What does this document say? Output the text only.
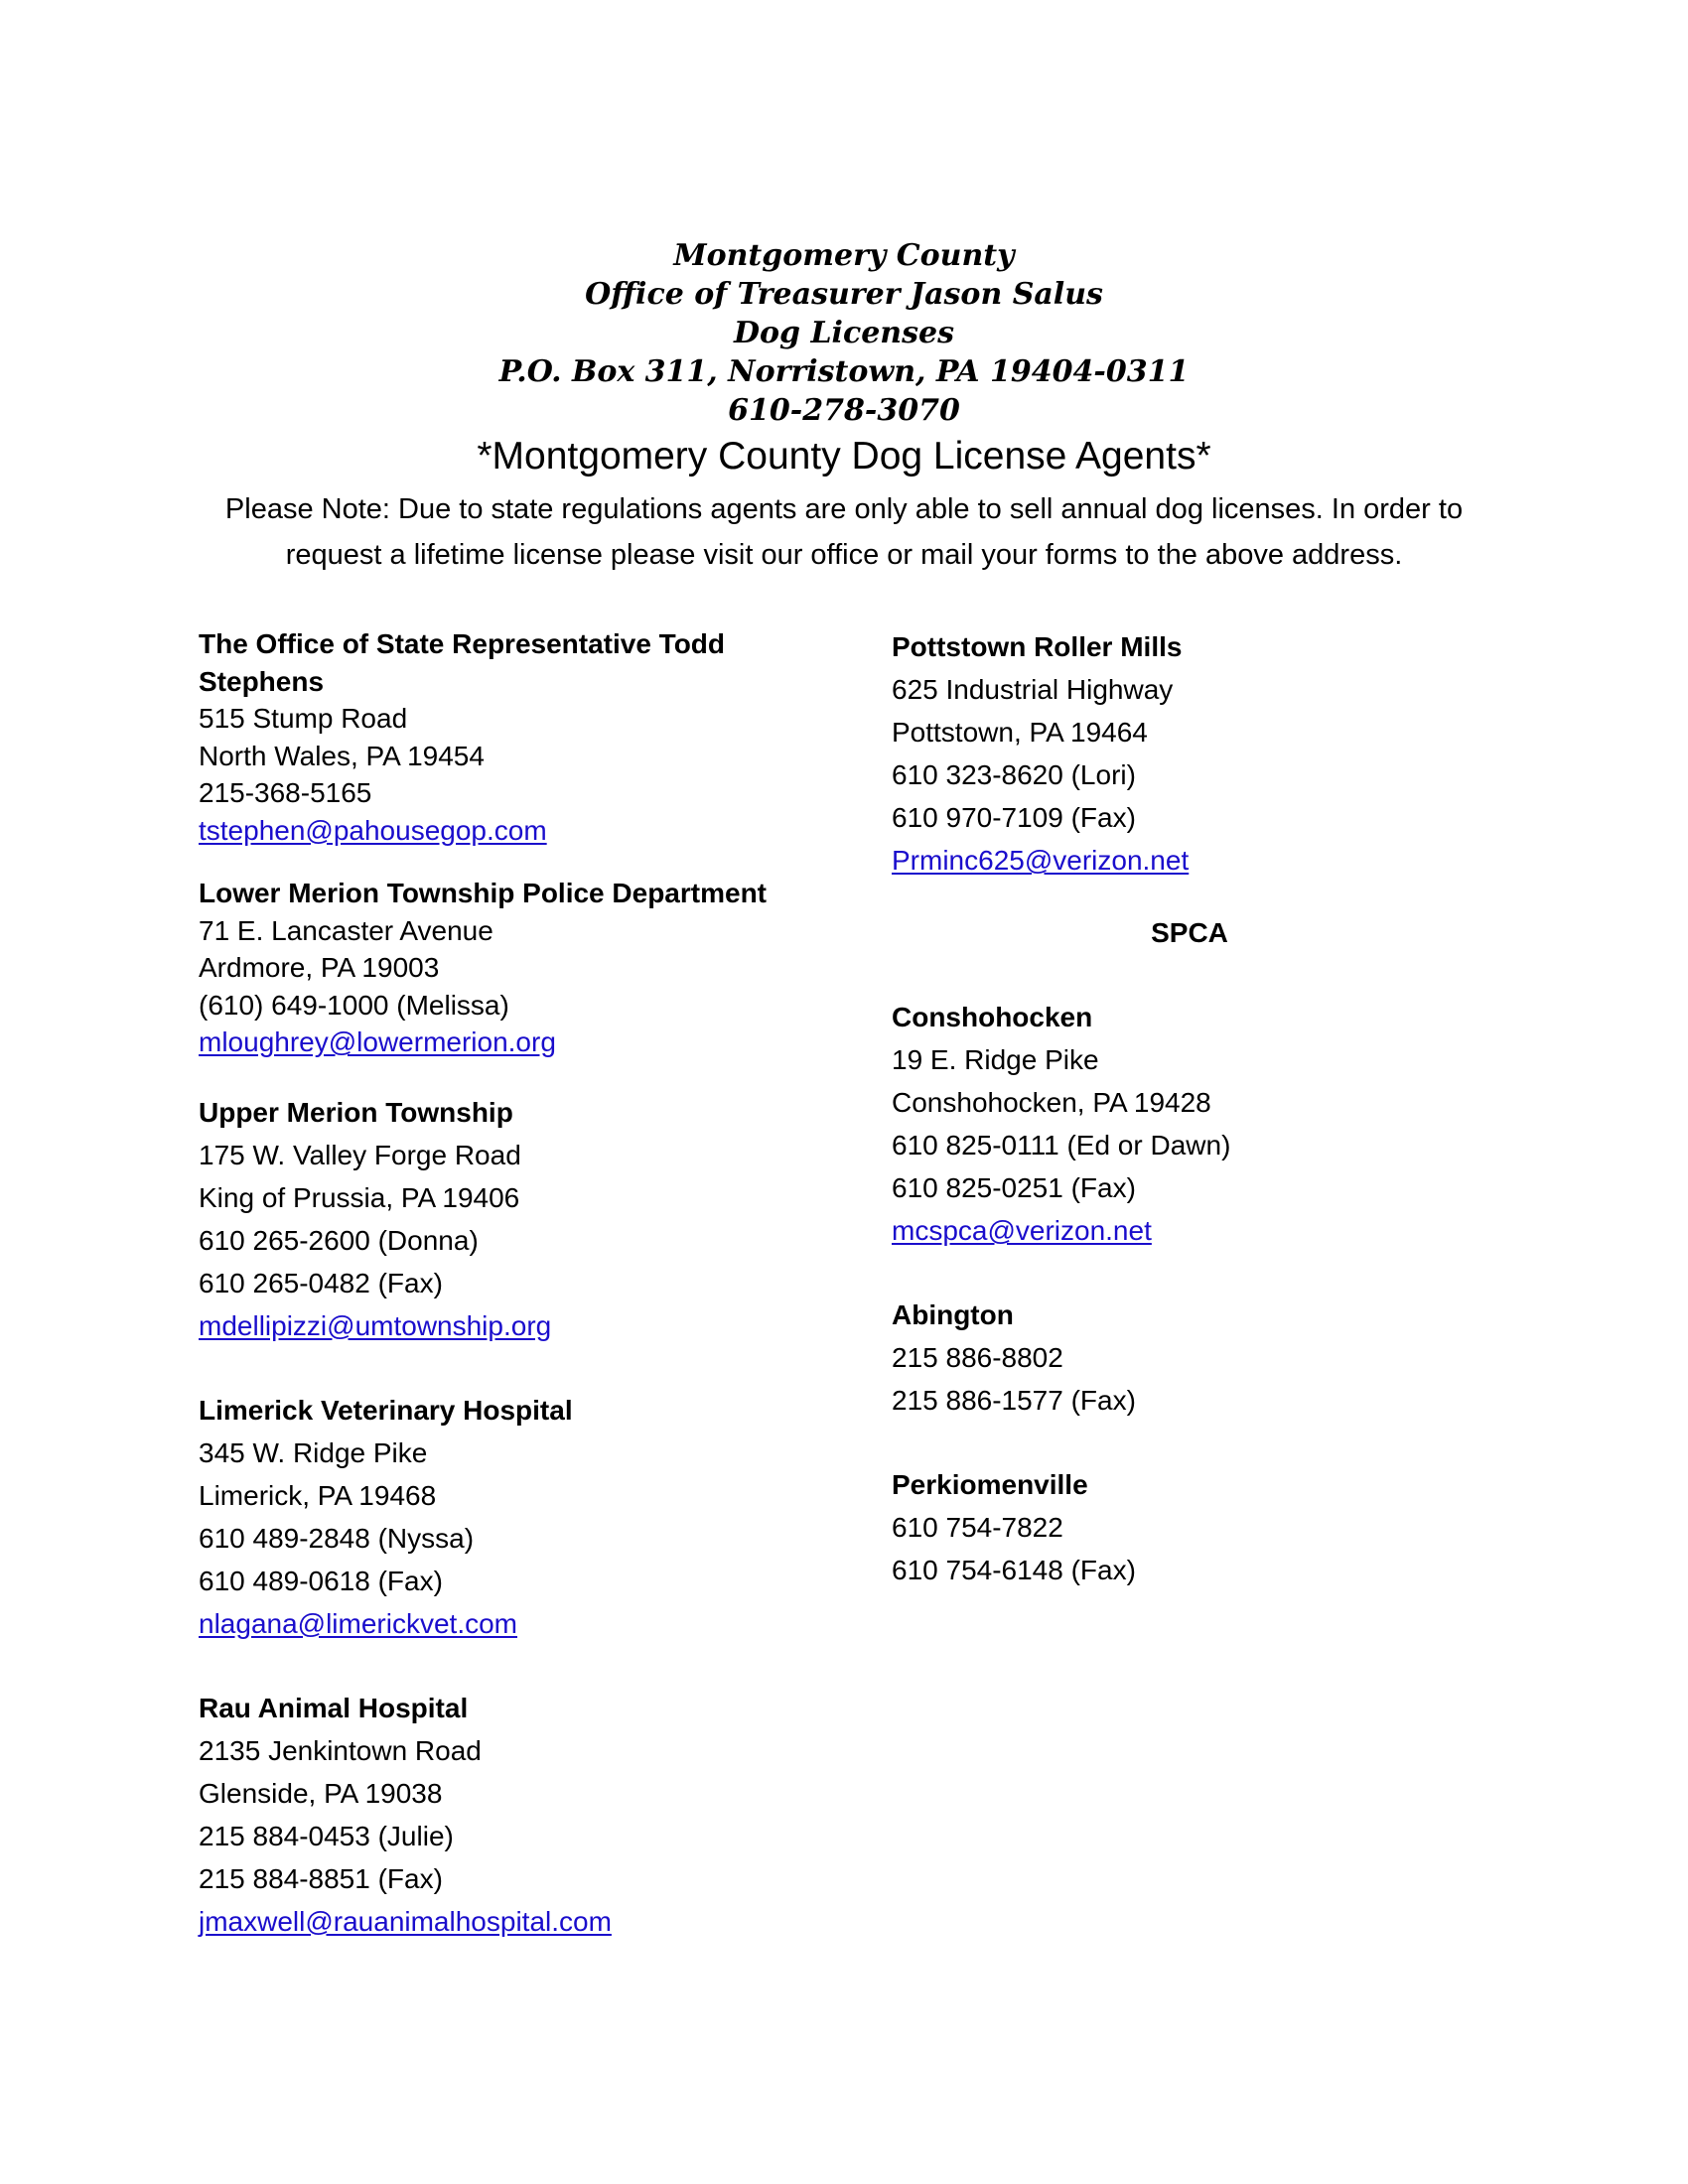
Montgomery County
Office of Treasurer Jason Salus
Dog Licenses
P.O. Box 311, Norristown, PA 19404-0311
610-278-3070
*Montgomery County Dog License Agents*
Please Note: Due to state regulations agents are only able to sell annual dog licenses. In order to request a lifetime license please visit our office or mail your forms to the above address.
The Office of State Representative Todd Stephens
515 Stump Road
North Wales, PA 19454
215-368-5165
tstephen@pahousegop.com
Lower Merion Township Police Department
71 E. Lancaster Avenue
Ardmore, PA 19003
(610) 649-1000 (Melissa)
mloughrey@lowermerion.org
Upper Merion Township
175 W. Valley Forge Road
King of Prussia, PA 19406
610 265-2600 (Donna)
610 265-0482 (Fax)
mdellipizzi@umtownship.org
Limerick Veterinary Hospital
345 W. Ridge Pike
Limerick, PA 19468
610 489-2848 (Nyssa)
610 489-0618 (Fax)
nlagana@limerickvet.com
Rau Animal Hospital
2135 Jenkintown Road
Glenside, PA 19038
215 884-0453 (Julie)
215 884-8851 (Fax)
jmaxwell@rauanimalhospital.com
Pottstown Roller Mills
625 Industrial Highway
Pottstown, PA 19464
610 323-8620 (Lori)
610 970-7109 (Fax)
Prminc625@verizon.net
SPCA
Conshohocken
19 E. Ridge Pike
Conshohocken, PA 19428
610 825-0111 (Ed or Dawn)
610 825-0251 (Fax)
mcspca@verizon.net
Abington
215 886-8802
215 886-1577 (Fax)
Perkiomenville
610 754-7822
610 754-6148 (Fax)
